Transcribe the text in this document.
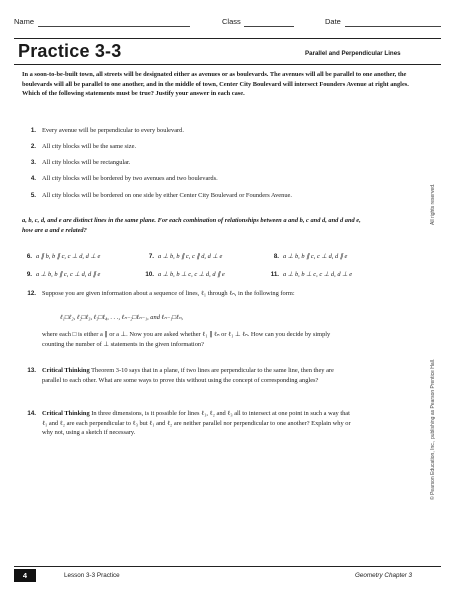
Name	Class	Date
Practice 3-3	Parallel and Perpendicular Lines
In a soon-to-be-built town, all streets will be designated either as avenues or as boulevards. The avenues will all be parallel to one another, the boulevards will all be parallel to one another, and in the middle of town, Center City Boulevard will intersect Founders Avenue at right angles. Which of the following statements must be true? Justify your answer in each case.
1. Every avenue will be perpendicular to every boulevard.
2. All city blocks will be the same size.
3. All city blocks will be rectangular.
4. All city blocks will be bordered by two avenues and two boulevards.
5. All city blocks will be bordered on one side by either Center City Boulevard or Founders Avenue.
a, b, c, d, and e are distinct lines in the same plane. For each combination of relationships between a and b, c and d, and d and e, how are a and e related?
6. a ∥ b, b ∥ c, c ⊥ d, d ⊥ e	7. a ⊥ b, b ∥ c, c ∥ d, d ⊥ e	8. a ⊥ b, b ∥ c, c ⊥ d, d ∥ e
9. a ⊥ b, b ∥ c, c ⊥ d, d ∥ e	10. a ⊥ b, b ⊥ c, c ⊥ d, d ∥ e	11. a ⊥ b, b ⊥ c, c ⊥ d, d ⊥ e
12. Suppose you are given information about a sequence of lines, ℓ₁ through ℓₙ, in the following form:
ℓ₁□ℓ₂, ℓ₂□ℓ₃, ℓ₃□ℓ₄, . . ., ℓₙ₋₂□ℓₙ₋₁, and ℓₙ₋₁□ℓₙ,
where each □ is either a ∥ or a ⊥. Now you are asked whether ℓ₁ ∥ ℓₙ or ℓ₁ ⊥ ℓₙ. How can you decide by simply counting the number of ⊥ statements in the given information?
13. Critical Thinking Theorem 3-10 says that in a plane, if two lines are perpendicular to the same line, then they are parallel to each other. What are some ways to prove this without using the concept of corresponding angles?
14. Critical Thinking In three dimensions, is it possible for lines ℓ₁, ℓ₂ and ℓ₃ all to intersect at one point in such a way that ℓ₁ and ℓ₂ are each perpendicular to ℓ₃ but ℓ₁ and ℓ₂ are neither parallel nor perpendicular to one another? Explain why or why not, using a sketch if necessary.
All rights reserved.
© Pearson Education, Inc., publishing as Pearson Prentice Hall.
4	Lesson 3-3 Practice	Geometry Chapter 3
